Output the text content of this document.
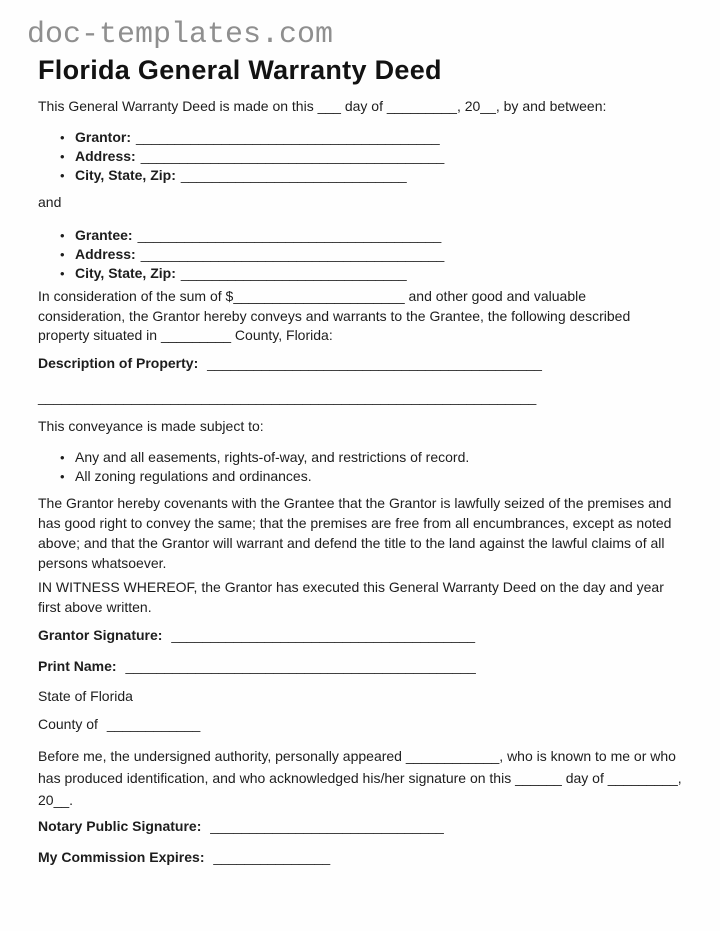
doc-templates.com
Florida General Warranty Deed
This General Warranty Deed is made on this ___ day of _________, 20__, by and between:
• Grantor: _______________________________________
• Address: _______________________________________
• City, State, Zip: _____________________________
and
• Grantee: _______________________________________
• Address: _______________________________________
• City, State, Zip: _____________________________
In consideration of the sum of $______________________ and other good and valuable consideration, the Grantor hereby conveys and warrants to the Grantee, the following described property situated in _________ County, Florida:
Description of Property: ___________________________________________
________________________________________________________________
This conveyance is made subject to:
• Any and all easements, rights-of-way, and restrictions of record.
• All zoning regulations and ordinances.
The Grantor hereby covenants with the Grantee that the Grantor is lawfully seized of the premises and has good right to convey the same; that the premises are free from all encumbrances, except as noted above; and that the Grantor will warrant and defend the title to the land against the lawful claims of all persons whatsoever.
IN WITNESS WHEREOF, the Grantor has executed this General Warranty Deed on the day and year first above written.
Grantor Signature: _______________________________________
Print Name: _____________________________________________
State of Florida
County of ____________
Before me, the undersigned authority, personally appeared ____________, who is known to me or who has produced identification, and who acknowledged his/her signature on this ______ day of _________, 20__.
Notary Public Signature: ______________________________
My Commission Expires: _______________
